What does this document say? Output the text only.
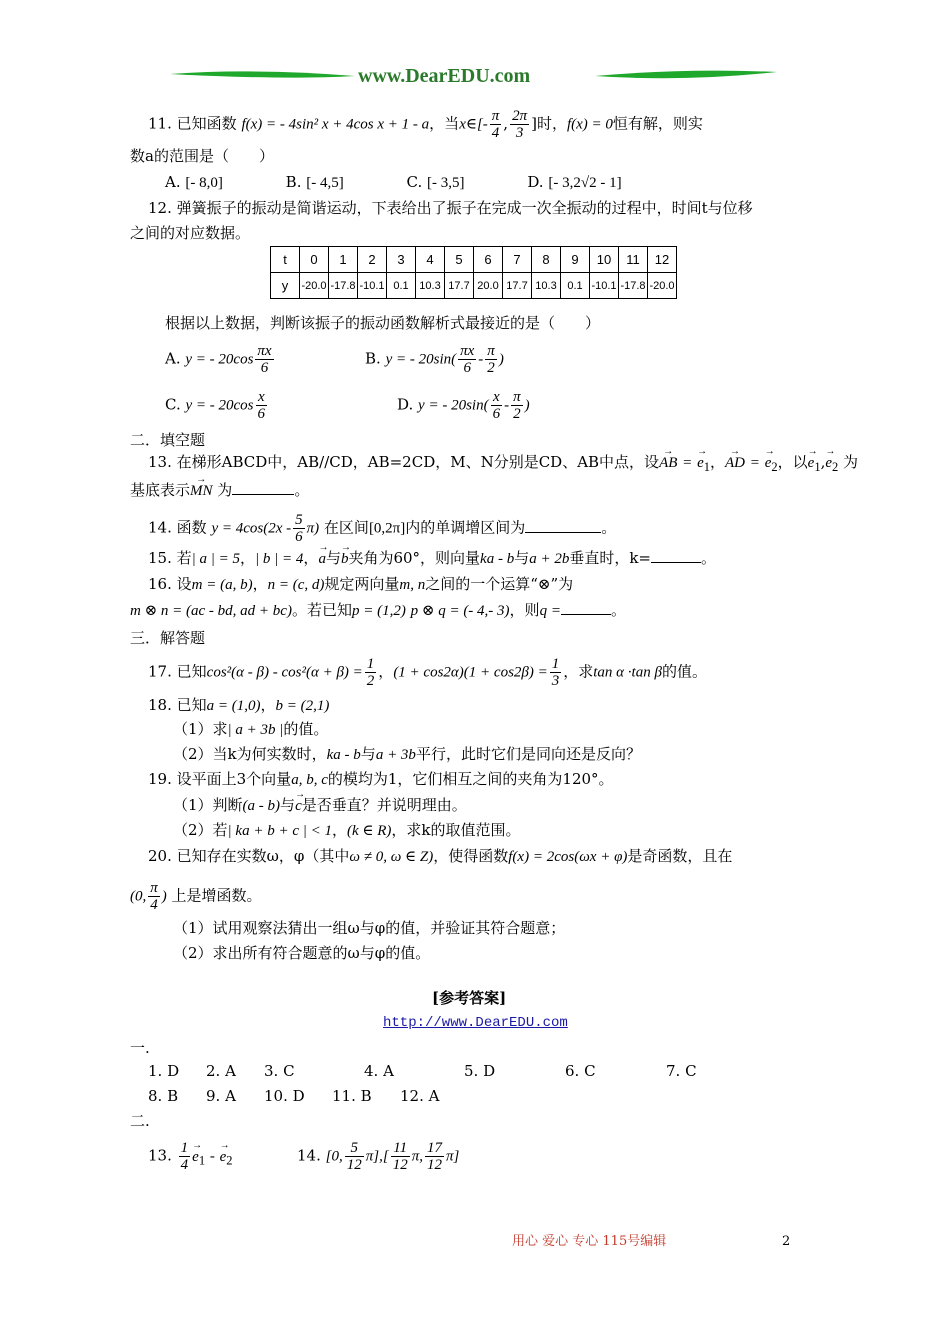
www.DearEDU.com
11. 已知函数 f(x) = - 4sin² x + 4cos x + 1 - a，当x∈[- $\frac{\pi}{4}$ , $\frac{2\pi}{3}$ ]时，f(x) = 0恒有解，则实
数a的范围是（　　）
A. [- 8,0]	B. [- 4,5]	C. [- 3,5]	D. [- 3,2√2 - 1]
12. 弹簧振子的振动是简谐运动，下表给出了振子在完成一次全振动的过程中，时间t与位移
之间的对应数据。
t	0	1	2	3	4	5	6	7	8	9	10	11	12
y	-20.0	-17.8	-10.1	0.1	10.3	17.7	20.0	17.7	10.3	0.1	-10.1	-17.8	-20.0
根据以上数据，判断该振子的振动函数解析式最接近的是（　　）
A. y = - $20\cos \frac{\pi x}{6}$	B. y = - $20\sin( \frac{\pi x}{6} - \frac{\pi}{2}$ )
C. y = - $20\cos \frac{x}{6}$	D. y = - $20\sin( \frac{x}{6} - \frac{\pi}{2}$ )
二．填空题
13. 在梯形ABCD中，AB//CD，AB=2CD，M、N分别是CD、AB中点，设→ AB = → $e_1$，→ AD = → $e_2$，以→ $e_1,\to e_2$ 为
基底表示→ MN 为	。
14. 函数 $y = 4\cos(2x - \frac{5}{6} \pi)$ 在区间[0,2π]内的单调增区间为	。
15. 若| a | = 5，| b | = 4，→ a与→ b夹角为60°，则向量ka - b与a + 2b垂直时，k=	。
16. 设m = (a, b)，n = (c, d)规定两向量m, n之间的一个运算“⊗”为
m ⊗ n = (ac - bd, ad + bc)。若已知p = (1,2) p ⊗ q = (- 4,- 3)，则q =	。
三．解答题
17. 已知$\cos^2(\alpha - \beta) - \cos^2(\alpha + \beta) = \frac{1}{2}$ ，$(1 + \cos 2\alpha)(1 + \cos 2\beta) = \frac{1}{3}$ ，求tan α ·tan β的值。
18. 已知a = (1,0)，b = (2,1)
（1）求| a + 3b |的值。
（2）当k为何实数时，ka - b与a + 3b平行，此时它们是同向还是反向？
19. 设平面上3个向量a, b, c的模均为1，它们相互之间的夹角为120°。
（1）判断(a - b)与→ c是否垂直？并说明理由。
（2）若| ka + b + c | < 1，(k ∈ R)，求k的取值范围。
20. 已知存在实数ω，φ（其中ω ≠ 0, ω ∈ Z)，使得函数f(x) = 2cos(ωx + φ)是奇函数，且在
(0, $\frac{\pi}{4}$ ) 上是增函数。
（1）试用观察法猜出一组ω与φ的值，并验证其符合题意；
（2）求出所有符合题意的ω与φ的值。
[参考答案]
http://www.DearEDU.com
一.
1. D 2. A 3. C	4. A	5. D	6. C	7. C
8. B 9. A 10. D 11. B 12. A
二.
13. $\frac{1}{4} \to e_1$ - → $e_2$	14. [0, $\frac{5}{12} \pi],[ \frac{11}{12} \pi$, $\frac{17}{12} \pi$]
用心 爱心 专心 115号编辑	2
